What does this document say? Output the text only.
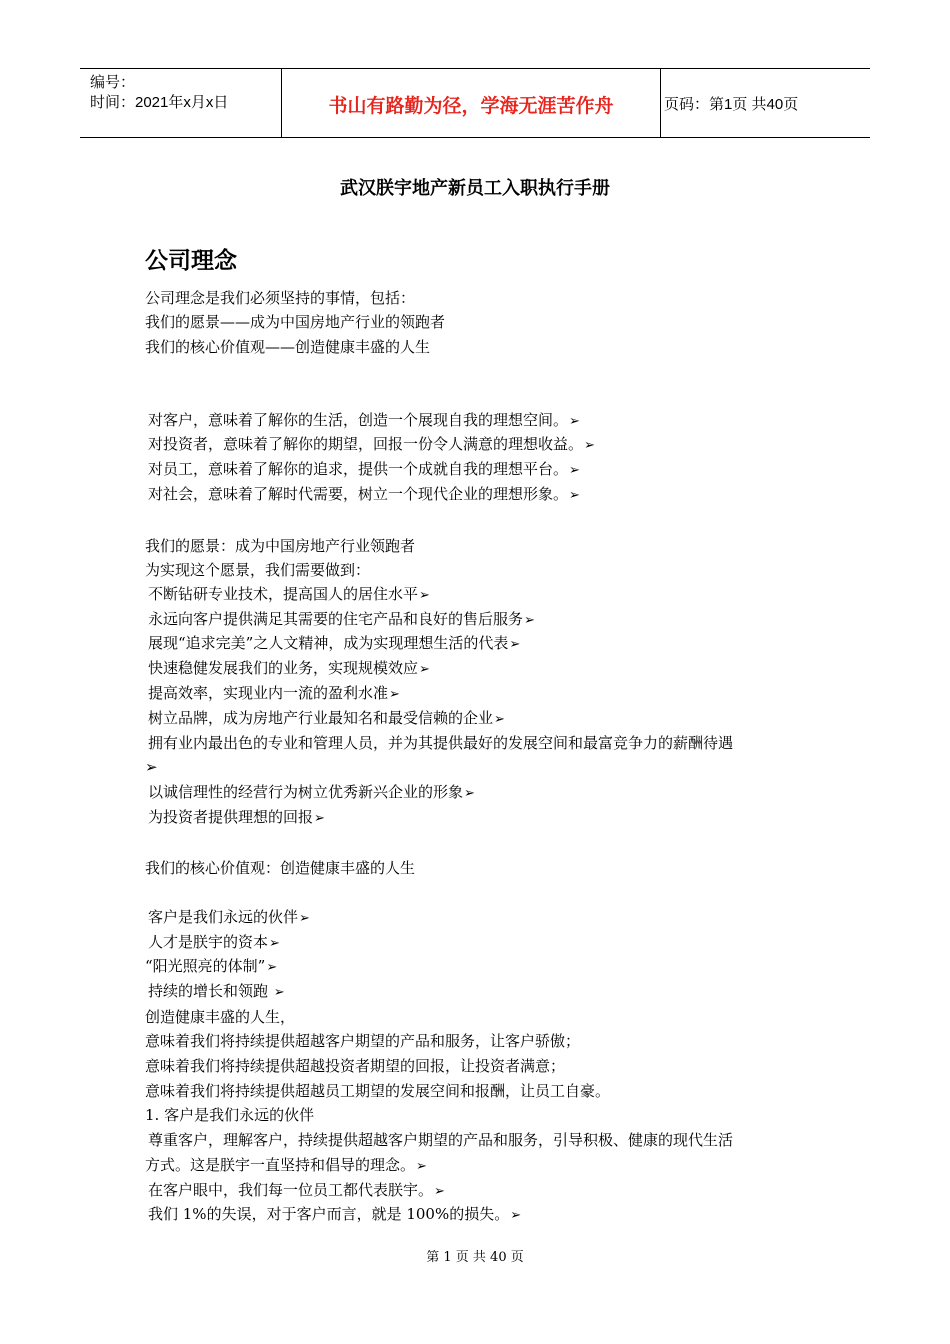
编号：
时间：2021年x月x日	书山有路勤为径，学海无涯苦作舟	页码：第1页 共40页
武汉朕宇地产新员工入职执行手册
公司理念
公司理念是我们必须坚持的事情，包括：
我们的愿景——成为中国房地产行业的领跑者
我们的核心价值观——创造健康丰盛的人生
对客户，意味着了解你的生活，创造一个展现自我的理想空间。➢
对投资者，意味着了解你的期望，回报一份令人满意的理想收益。➢
对员工，意味着了解你的追求，提供一个成就自我的理想平台。➢
对社会，意味着了解时代需要，树立一个现代企业的理想形象。➢
我们的愿景：成为中国房地产行业领跑者
为实现这个愿景，我们需要做到：
不断钻研专业技术，提高国人的居住水平➢
永远向客户提供满足其需要的住宅产品和良好的售后服务➢
展现“追求完美”之人文精神，成为实现理想生活的代表➢
快速稳健发展我们的业务，实现规模效应➢
提高效率，实现业内一流的盈利水准➢
树立品牌，成为房地产行业最知名和最受信赖的企业➢
拥有业内最出色的专业和管理人员，并为其提供最好的发展空间和最富竞争力的薪酬待遇
➢
以诚信理性的经营行为树立优秀新兴企业的形象➢
为投资者提供理想的回报➢
我们的核心价值观：创造健康丰盛的人生
客户是我们永远的伙伴➢
人才是朕宇的资本➢
“阳光照亮的体制”➢
持续的增长和领跑 ➢
创造健康丰盛的人生，
意味着我们将持续提供超越客户期望的产品和服务，让客户骄傲；
意味着我们将持续提供超越投资者期望的回报，让投资者满意；
意味着我们将持续提供超越员工期望的发展空间和报酬，让员工自豪。
1. 客户是我们永远的伙伴
尊重客户，理解客户，持续提供超越客户期望的产品和服务，引导积极、健康的现代生活
方式。这是朕宇一直坚持和倡导的理念。➢
在客户眼中，我们每一位员工都代表朕宇。➢
我们 1%的失误，对于客户而言，就是 100%的损失。➢
第 1 页 共 40 页
